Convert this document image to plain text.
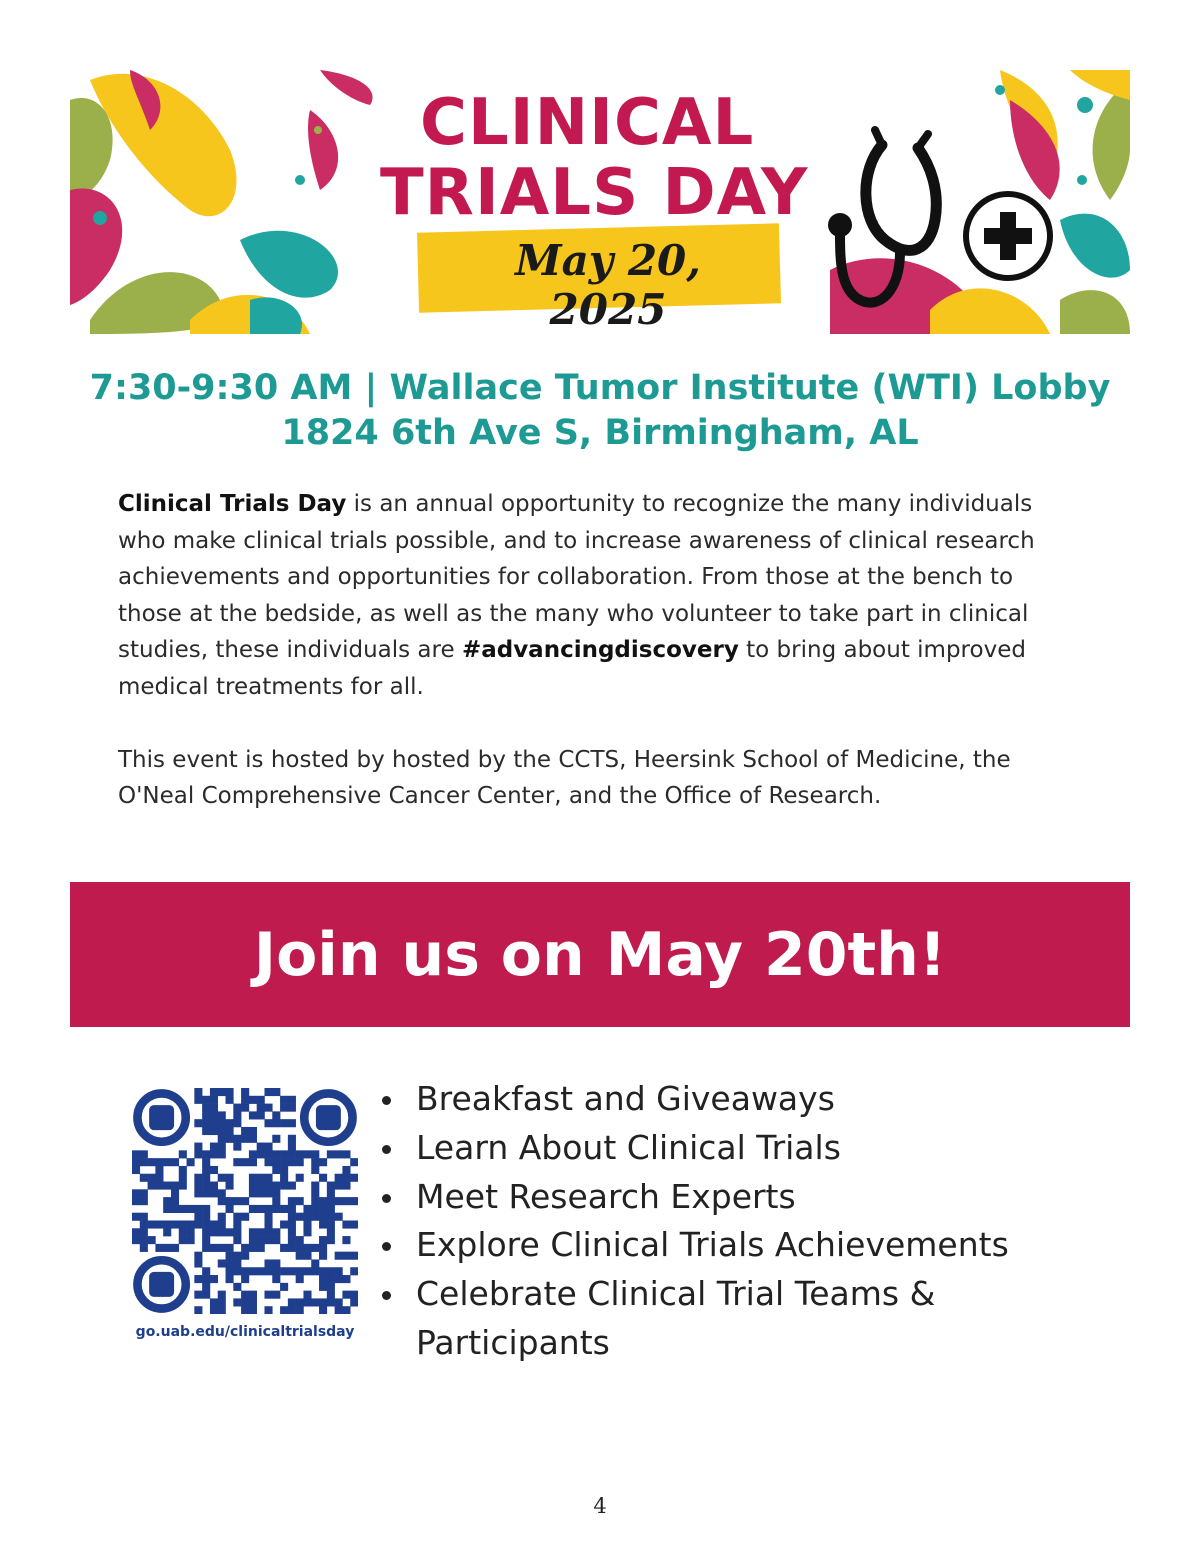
CLINICAL
TRIALS DAY
May 20, 2025
7:30-9:30 AM | Wallace Tumor Institute (WTI) Lobby
1824 6th Ave S, Birmingham, AL

Clinical Trials Day is an annual opportunity to recognize the many individuals who make clinical trials possible, and to increase awareness of clinical research achievements and opportunities for collaboration. From those at the bench to those at the bedside, as well as the many who volunteer to take part in clinical studies, these individuals are #advancingdiscovery to bring about improved medical treatments for all.

This event is hosted by hosted by the CCTS, Heersink School of Medicine, the O'Neal Comprehensive Cancer Center, and the Office of Research.

Join us on May 20th!
go.uab.edu/clinicaltrialsday
Breakfast and Giveaways
Learn About Clinical Trials
Meet Research Experts
Explore Clinical Trials Achievements
Celebrate Clinical Trial Teams & Participants
4
